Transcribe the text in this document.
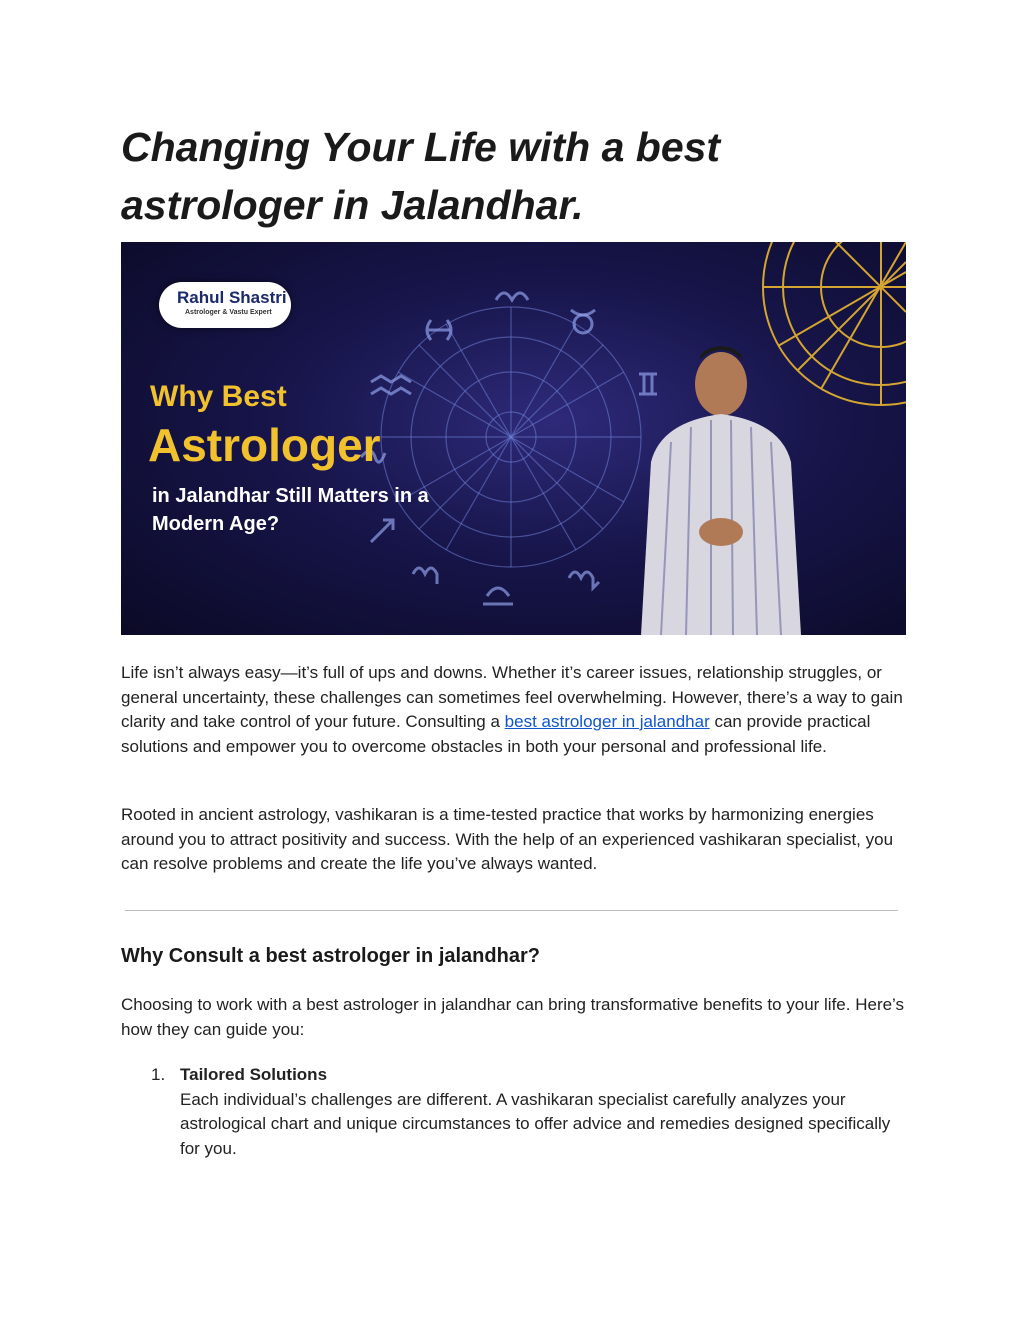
Changing Your Life with a best astrologer in Jalandhar.
Rahul Shastri
Astrologer & Vastu Expert
Why Best
Astrologer
in Jalandhar Still Matters in a Modern Age?

Life isn’t always easy—it’s full of ups and downs. Whether it’s career issues, relationship struggles, or general uncertainty, these challenges can sometimes feel overwhelming. However, there’s a way to gain clarity and take control of your future. Consulting a best astrologer in jalandhar can provide practical solutions and empower you to overcome obstacles in both your personal and professional life.

Rooted in ancient astrology, vashikaran is a time-tested practice that works by harmonizing energies around you to attract positivity and success. With the help of an experienced vashikaran specialist, you can resolve problems and create the life you’ve always wanted.

Why Consult a best astrologer in jalandhar?

Choosing to work with a best astrologer in jalandhar can bring transformative benefits to your life. Here’s how they can guide you:

1. Tailored Solutions
Each individual’s challenges are different. A vashikaran specialist carefully analyzes your astrological chart and unique circumstances to offer advice and remedies designed specifically for you.
